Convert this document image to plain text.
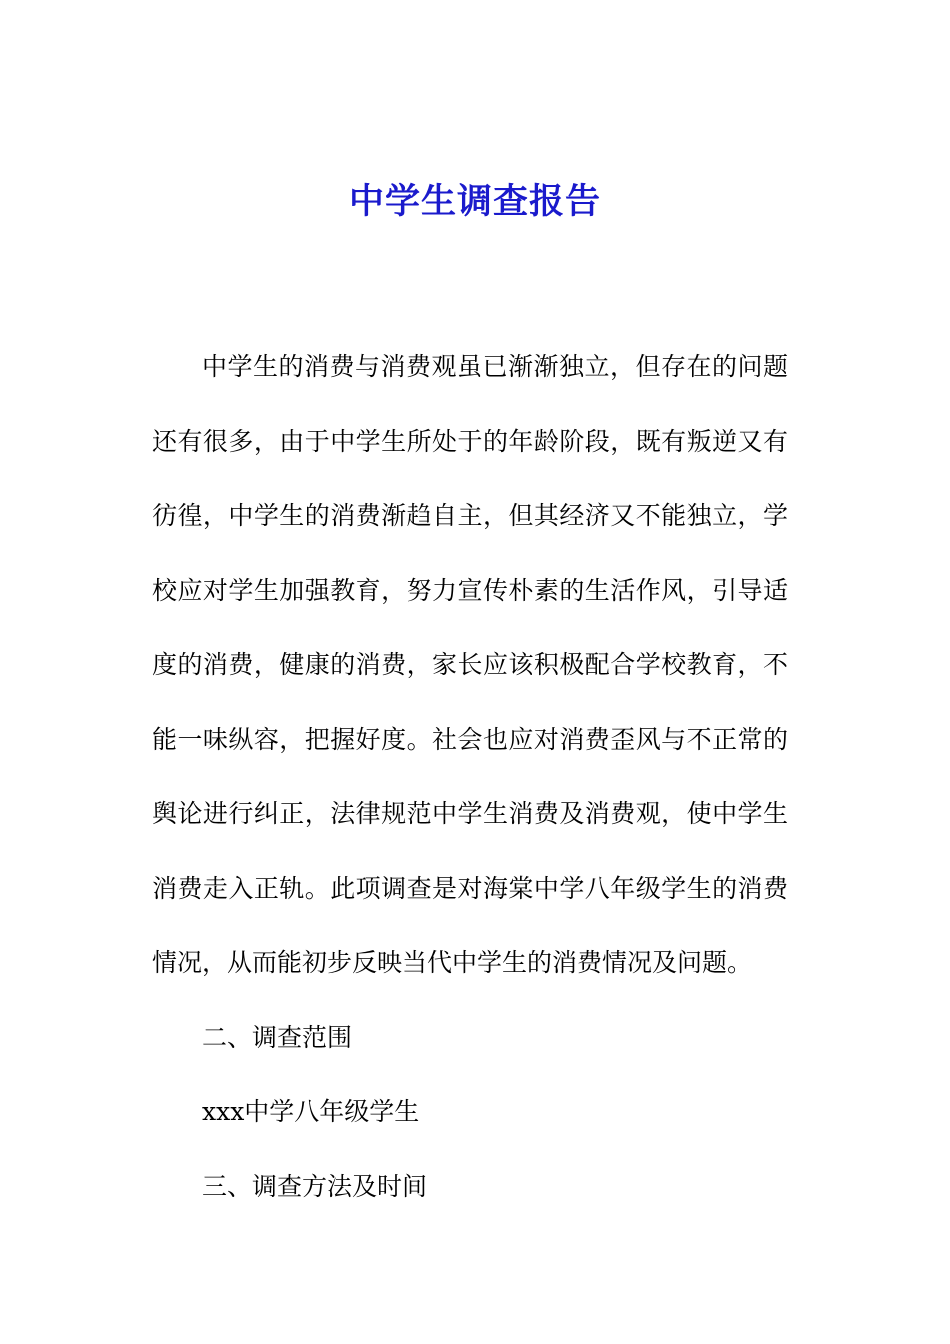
中学生调查报告

中学生的消费与消费观虽已渐渐独立，但存在的问题还有很多，由于中学生所处于的年龄阶段，既有叛逆又有彷徨，中学生的消费渐趋自主，但其经济又不能独立，学校应对学生加强教育，努力宣传朴素的生活作风，引导适度的消费，健康的消费，家长应该积极配合学校教育，不能一味纵容，把握好度。社会也应对消费歪风与不正常的舆论进行纠正，法律规范中学生消费及消费观，使中学生消费走入正轨。此项调查是对海棠中学八年级学生的消费情况，从而能初步反映当代中学生的消费情况及问题。

二、调查范围

xxx中学八年级学生

三、调查方法及时间
